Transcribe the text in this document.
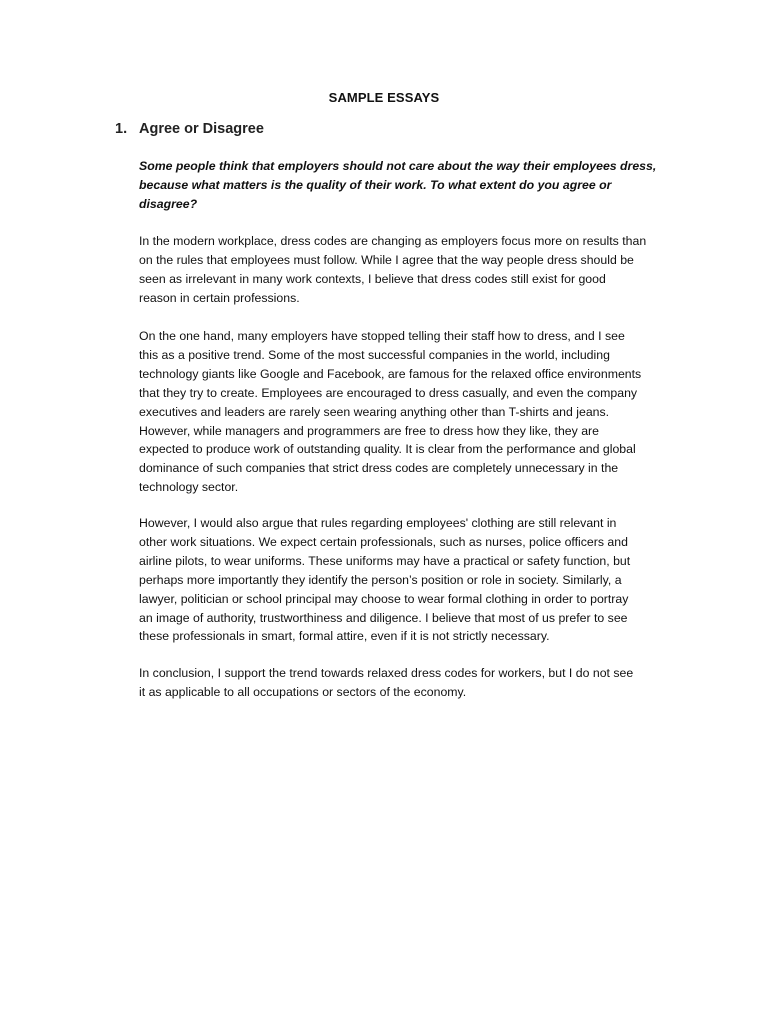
SAMPLE ESSAYS
1. Agree or Disagree
Some people think that employers should not care about the way their employees dress,
because what matters is the quality of their work. To what extent do you agree or
disagree?
In the modern workplace, dress codes are changing as employers focus more on results than
on the rules that employees must follow. While I agree that the way people dress should be
seen as irrelevant in many work contexts, I believe that dress codes still exist for good
reason in certain professions.
On the one hand, many employers have stopped telling their staff how to dress, and I see
this as a positive trend. Some of the most successful companies in the world, including
technology giants like Google and Facebook, are famous for the relaxed office environments
that they try to create. Employees are encouraged to dress casually, and even the company
executives and leaders are rarely seen wearing anything other than T-shirts and jeans.
However, while managers and programmers are free to dress how they like, they are
expected to produce work of outstanding quality. It is clear from the performance and global
dominance of such companies that strict dress codes are completely unnecessary in the
technology sector.
However, I would also argue that rules regarding employees' clothing are still relevant in
other work situations. We expect certain professionals, such as nurses, police officers and
airline pilots, to wear uniforms. These uniforms may have a practical or safety function, but
perhaps more importantly they identify the person’s position or role in society. Similarly, a
lawyer, politician or school principal may choose to wear formal clothing in order to portray
an image of authority, trustworthiness and diligence. I believe that most of us prefer to see
these professionals in smart, formal attire, even if it is not strictly necessary.
In conclusion, I support the trend towards relaxed dress codes for workers, but I do not see
it as applicable to all occupations or sectors of the economy.
